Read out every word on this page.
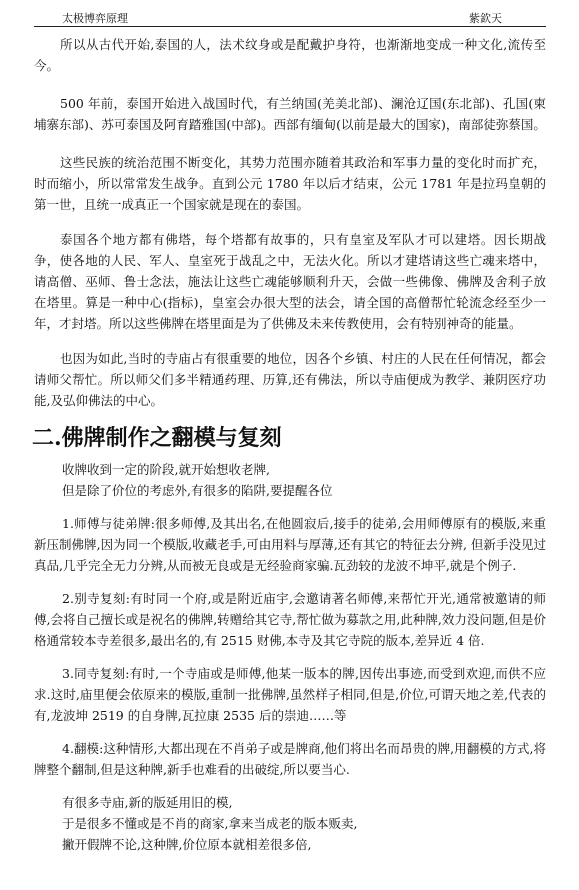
太极博弈原理	紫欽天

所以从古代开始,泰国的人，法术纹身或是配戴护身符，也渐渐地变成一种文化,流传至今。

500 年前，泰国开始进入战国时代，有兰纳国(羌美北部)、澜沧辽国(东北部)、孔国(柬埔寨东部)、苏可泰国及阿育踏雅国(中部)。西部有缅甸(以前是最大的国家)，南部徒弥蔡国。

这些民族的统治范围不断变化，其势力范围亦随着其政治和军事力量的变化时而扩充，时而缩小，所以常常发生战争。直到公元 1780 年以后才结束，公元 1781 年是拉玛皇朝的第一世，且统一成真正一个国家就是现在的泰国。

泰国各个地方都有佛塔，每个塔都有故事的，只有皇室及军队才可以建塔。因长期战争，使各地的人民、军人、皇室死于战乱之中，无法火化。所以才建塔请这些亡魂来塔中，请高僧、巫师、鲁士念法，施法让这些亡魂能够顺利升天，会做一些佛像、佛牌及舍利子放在塔里。算是一种中心(指标)，皇室会办很大型的法会，请全国的高僧帮忙轮流念经至少一年，才封塔。所以这些佛牌在塔里面是为了供佛及未来传教使用，会有特别神奇的能量。

也因为如此,当时的寺庙占有很重要的地位，因各个乡镇、村庄的人民在任何情况，都会请师父帮忙。所以师父们多半精通药理、历算,还有佛法，所以寺庙便成为教学、兼阴医疗功能,及弘仰佛法的中心。

二.佛牌制作之翻模与复刻

收牌收到一定的阶段,就开始想收老牌,

但是除了价位的考虑外,有很多的陷阱,要提醒各位

1.师傅与徒弟牌:很多师傅,及其出名,在他圆寂后,接手的徒弟,会用师傅原有的模版,来重新压制佛牌,因为同一个模版,收藏老手,可由用料与厚薄,还有其它的特征去分辨, 但新手没见过真品,几乎完全无力分辨,从而被无良或是无经验商家骗.瓦劲较的龙波不坤平,就是个例子.

2.别寺复刻:有时同一个府,或是附近庙宇,会邀请著名师傅,来帮忙开光,通常被邀请的师傅,会将自己擅长或是祝名的佛牌,转赠给其它寺,帮忙做为募款之用,此种牌,效力没问题,但是价格通常较本寺差很多,最出名的,有 2515 财佛,本寺及其它寺院的版本,差异近 4 倍.

3.同寺复刻:有时,一个寺庙或是师傅,他某一版本的牌,因传出事迹,而受到欢迎,而供不应求.这时,庙里便会依原来的模版,重制一批佛牌,虽然样子相同,但是,价位,可谓天地之差,代表的有,龙波坤 2519 的自身牌,瓦拉康 2535 后的崇迪……等

4.翻模:这种情形,大都出现在不肖弟子或是牌商,他们将出名而昂贵的牌,用翻模的方式,将牌整个翻制,但是这种牌,新手也难看的出破绽,所以要当心.

有很多寺庙,新的版延用旧的模,

于是很多不懂或是不肖的商家,拿来当成老的版本贩卖,

撇开假牌不论,这种牌,价位原本就相差很多倍,
